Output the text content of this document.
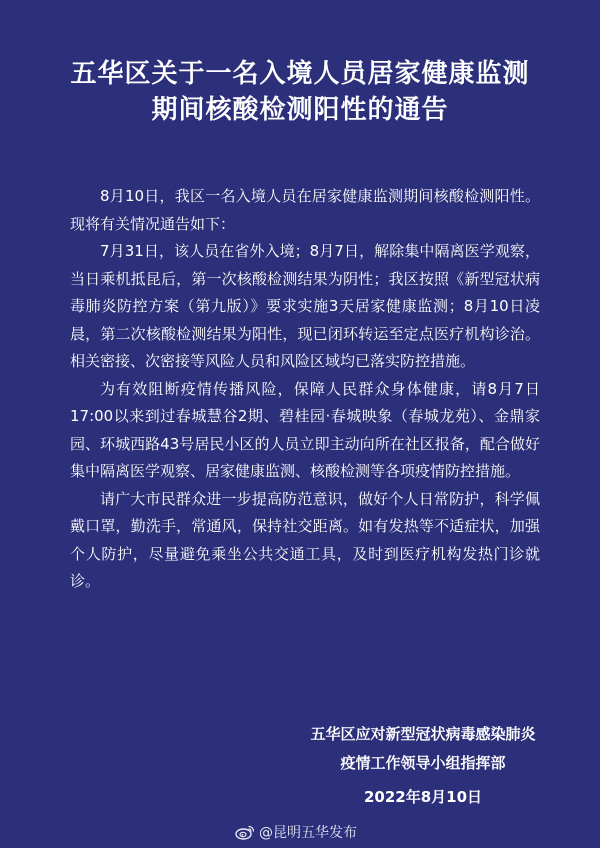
五华区关于一名入境人员居家健康监测
期间核酸检测阳性的通告

8月10日，我区一名入境人员在居家健康监测期间核酸检测阳性。现将有关情况通告如下：

7月31日，该人员在省外入境；8月7日，解除集中隔离医学观察，当日乘机抵昆后，第一次核酸检测结果为阴性；我区按照《新型冠状病毒肺炎防控方案（第九版）》要求实施3天居家健康监测；8月10日凌晨，第二次核酸检测结果为阳性，现已闭环转运至定点医疗机构诊治。相关密接、次密接等风险人员和风险区域均已落实防控措施。

为有效阻断疫情传播风险，保障人民群众身体健康，请8月7日17:00以来到过春城慧谷2期、碧桂园·春城映象（春城龙苑）、金鼎家园、环城西路43号居民小区的人员立即主动向所在社区报备，配合做好集中隔离医学观察、居家健康监测、核酸检测等各项疫情防控措施。

请广大市民群众进一步提高防范意识，做好个人日常防护，科学佩戴口罩，勤洗手，常通风，保持社交距离。如有发热等不适症状，加强个人防护，尽量避免乘坐公共交通工具，及时到医疗机构发热门诊就诊。

五华区应对新型冠状病毒感染肺炎
疫情工作领导小组指挥部
2022年8月10日
@昆明五华发布
